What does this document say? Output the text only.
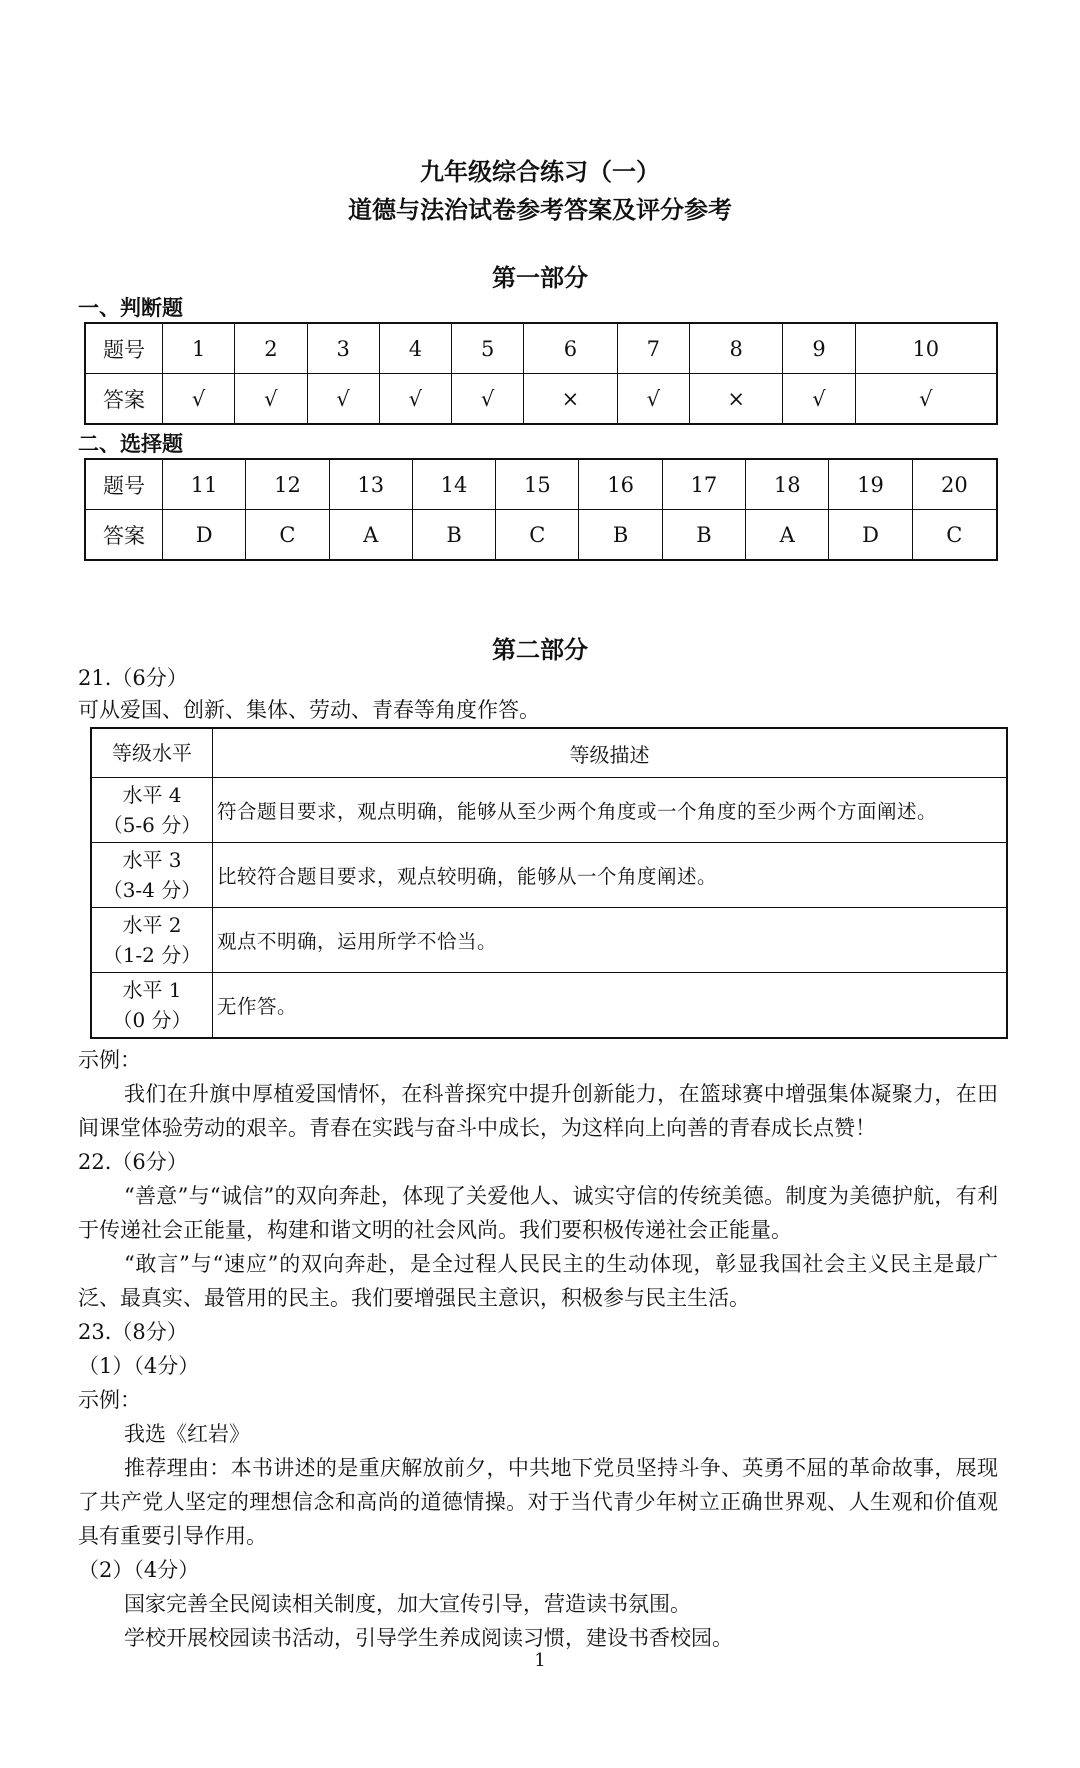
九年级综合练习（一）
道德与法治试卷参考答案及评分参考
第一部分
一、判断题
题号	1	2	3	4	5	6	7	8	9	10
答案	√	√	√	√	√	×	√	×	√	√
二、选择题
题号	11	12	13	14	15	16	17	18	19	20
答案	D	C	A	B	C	B	B	A	D	C
第二部分
21.（6分）
可从爱国、创新、集体、劳动、青春等角度作答。
等级水平	等级描述

水平 4
（5-6 分）	符合题目要求，观点明确，能够从至少两个角度或一个角度的至少两个方面阐述。

水平 3
（3-4 分）	比较符合题目要求，观点较明确，能够从一个角度阐述。

水平 2
（1-2 分）	观点不明确，运用所学不恰当。

水平 1
（0 分）	无作答。
示例：
我们在升旗中厚植爱国情怀，在科普探究中提升创新能力，在篮球赛中增强集体凝聚力，在田间课堂体验劳动的艰辛。青春在实践与奋斗中成长，为这样向上向善的青春成长点赞！
22.（6分）
“善意”与“诚信”的双向奔赴，体现了关爱他人、诚实守信的传统美德。制度为美德护航，有利于传递社会正能量，构建和谐文明的社会风尚。我们要积极传递社会正能量。
“敢言”与“速应”的双向奔赴，是全过程人民民主的生动体现，彰显我国社会主义民主是最广泛、最真实、最管用的民主。我们要增强民主意识，积极参与民主生活。
23.（8分）
（1）（4分）
示例：
我选《红岩》
推荐理由：本书讲述的是重庆解放前夕，中共地下党员坚持斗争、英勇不屈的革命故事，展现了共产党人坚定的理想信念和高尚的道德情操。对于当代青少年树立正确世界观、人生观和价值观具有重要引导作用。
（2）（4分）
国家完善全民阅读相关制度，加大宣传引导，营造读书氛围。
学校开展校园读书活动，引导学生养成阅读习惯，建设书香校园。
1
